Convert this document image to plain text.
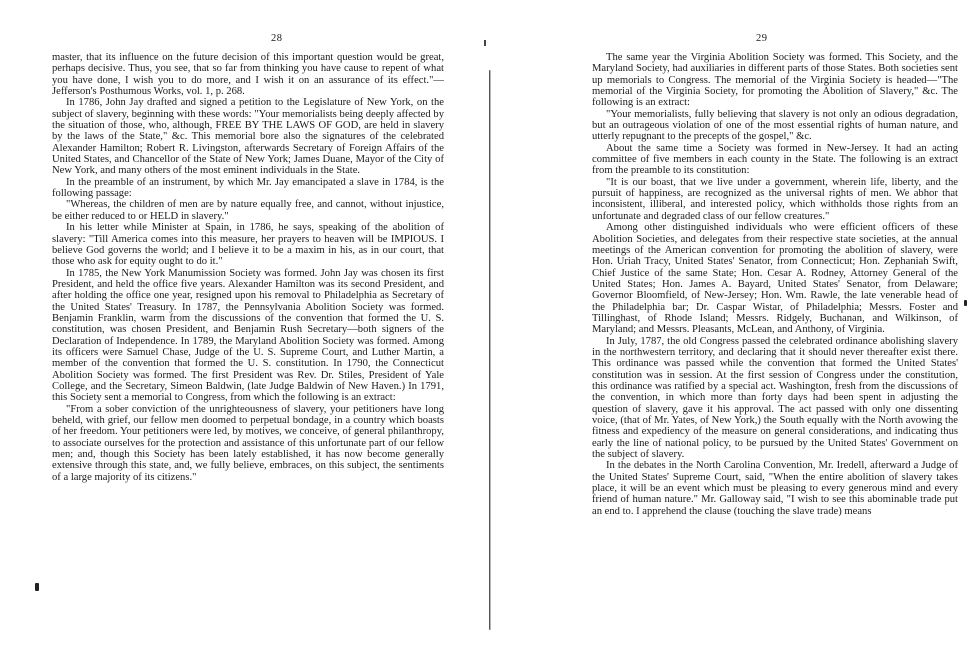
28

master, that its influence on the future decision of this important question would be great, perhaps decisive. Thus, you see, that so far from thinking you have cause to repent of what you have done, I wish you to do more, and I wish it on an assurance of its effect."—Jefferson's Posthumous Works, vol. 1, p. 268.

In 1786, John Jay drafted and signed a petition to the Legislature of New York, on the subject of slavery, beginning with these words: "Your memorialists being deeply affected by the situation of those, who, although, FREE BY THE LAWS OF GOD, are held in slavery by the laws of the State," &c. This memorial bore also the signatures of the celebrated Alexander Hamilton; Robert R. Livingston, afterwards Secretary of Foreign Affairs of the United States, and Chancellor of the State of New York; James Duane, Mayor of the City of New York, and many others of the most eminent individuals in the State.

In the preamble of an instrument, by which Mr. Jay emancipated a slave in 1784, is the following passage:

"Whereas, the children of men are by nature equally free, and cannot, without injustice, be either reduced to or HELD in slavery."

In his letter while Minister at Spain, in 1786, he says, speaking of the abolition of slavery: "Till America comes into this measure, her prayers to heaven will be IMPIOUS. I believe God governs the world; and I believe it to be a maxim in his, as in our court, that those who ask for equity ought to do it."

In 1785, the New York Manumission Society was formed. John Jay was chosen its first President, and held the office five years. Alexander Hamilton was its second President, and after holding the office one year, resigned upon his removal to Philadelphia as Secretary of the United States' Treasury. In 1787, the Pennsylvania Abolition Society was formed. Benjamin Franklin, warm from the discussions of the convention that formed the U. S. constitution, was chosen President, and Benjamin Rush Secretary—both signers of the Declaration of Independence. In 1789, the Maryland Abolition Society was formed. Among its officers were Samuel Chase, Judge of the U. S. Supreme Court, and Luther Martin, a member of the convention that formed the U. S. constitution. In 1790, the Connecticut Abolition Society was formed. The first President was Rev. Dr. Stiles, President of Yale College, and the Secretary, Simeon Baldwin, (late Judge Baldwin of New Haven.) In 1791, this Society sent a memorial to Congress, from which the following is an extract:

"From a sober conviction of the unrighteousness of slavery, your petitioners have long beheld, with grief, our fellow men doomed to perpetual bondage, in a country which boasts of her freedom. Your petitioners were led, by motives, we conceive, of general philanthropy, to associate ourselves for the protection and assistance of this unfortunate part of our fellow men; and, though this Society has been lately established, it has now become generally extensive through this state, and, we fully believe, embraces, on this subject, the sentiments of a large majority of its citizens."

29

The same year the Virginia Abolition Society was formed. This Society, and the Maryland Society, had auxiliaries in different parts of those States. Both societies sent up memorials to Congress. The memorial of the Virginia Society is headed—"The memorial of the Virginia Society, for promoting the Abolition of Slavery," &c. The following is an extract:

"Your memorialists, fully believing that slavery is not only an odious degradation, but an outrageous violation of one of the most essential rights of human nature, and utterly repugnant to the precepts of the gospel," &c.

About the same time a Society was formed in New-Jersey. It had an acting committee of five members in each county in the State. The following is an extract from the preamble to its constitution:

"It is our boast, that we live under a government, wherein life, liberty, and the pursuit of happiness, are recognized as the universal rights of men. We abhor that inconsistent, illiberal, and interested policy, which withholds those rights from an unfortunate and degraded class of our fellow creatures."

Among other distinguished individuals who were efficient officers of these Abolition Societies, and delegates from their respective state societies, at the annual meetings of the American convention for promoting the abolition of slavery, were Hon. Uriah Tracy, United States' Senator, from Connecticut; Hon. Zephaniah Swift, Chief Justice of the same State; Hon. Cesar A. Rodney, Attorney General of the United States; Hon. James A. Bayard, United States' Senator, from Delaware; Governor Bloomfield, of New-Jersey; Hon. Wm. Rawle, the late venerable head of the Philadelphia bar; Dr. Caspar Wistar, of Philadelphia; Messrs. Foster and Tillinghast, of Rhode Island; Messrs. Ridgely, Buchanan, and Wilkinson, of Maryland; and Messrs. Pleasants, McLean, and Anthony, of Virginia.

In July, 1787, the old Congress passed the celebrated ordinance abolishing slavery in the northwestern territory, and declaring that it should never thereafter exist there. This ordinance was passed while the convention that formed the United States' constitution was in session. At the first session of Congress under the constitution, this ordinance was ratified by a special act. Washington, fresh from the discussions of the convention, in which more than forty days had been spent in adjusting the question of slavery, gave it his approval. The act passed with only one dissenting voice, (that of Mr. Yates, of New York,) the South equally with the North avowing the fitness and expediency of the measure on general considerations, and indicating thus early the line of national policy, to be pursued by the United States' Government on the subject of slavery.

In the debates in the North Carolina Convention, Mr. Iredell, afterward a Judge of the United States' Supreme Court, said, "When the entire abolition of slavery takes place, it will be an event which must be pleasing to every generous mind and every friend of human nature." Mr. Galloway said, "I wish to see this abominable trade put an end to. I apprehend the clause (touching the slave trade) means
